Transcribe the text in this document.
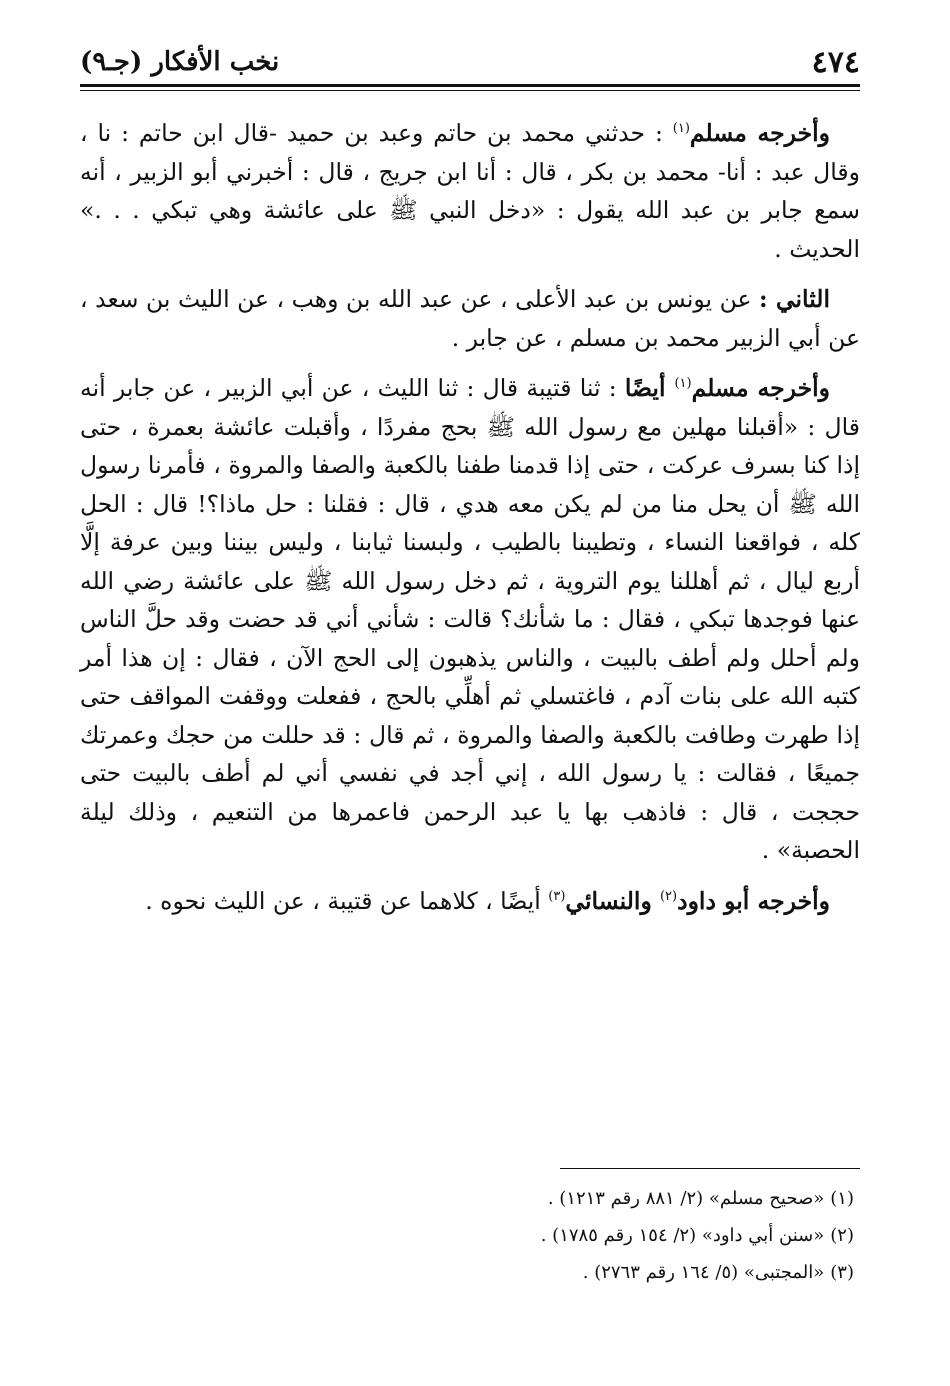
٤٧٤
نخب الأفكار (جـ٩)

وأخرجه مسلم$^{(١)}$ : حدثني محمد بن حاتم وعبد بن حميد -قال ابن حاتم : نا ، وقال عبد : أنا- محمد بن بكر ، قال : أنا ابن جريج ، قال : أخبرني أبو الزبير ، أنه سمع جابر بن عبد الله يقول : «دخل النبي ﷺ على عائشة وهي تبكي . . .» الحديث .

الثاني : عن يونس بن عبد الأعلى ، عن عبد الله بن وهب ، عن الليث بن سعد ، عن أبي الزبير محمد بن مسلم ، عن جابر .

وأخرجه مسلم$^{(١)}$ أيضًا : ثنا قتيبة قال : ثنا الليث ، عن أبي الزبير ، عن جابر أنه قال : «أقبلنا مهلين مع رسول الله ﷺ بحج مفردًا ، وأقبلت عائشة بعمرة ، حتى إذا كنا بسرف عركت ، حتى إذا قدمنا طفنا بالكعبة والصفا والمروة ، فأمرنا رسول الله ﷺ أن يحل منا من لم يكن معه هدي ، قال : فقلنا : حل ماذا؟! قال : الحل كله ، فواقعنا النساء ، وتطيبنا بالطيب ، ولبسنا ثيابنا ، وليس بيننا وبين عرفة إلَّا أربع ليال ، ثم أهللنا يوم التروية ، ثم دخل رسول الله ﷺ على عائشة رضي الله عنها فوجدها تبكي ، فقال : ما شأنك؟ قالت : شأني أني قد حضت وقد حلَّ الناس ولم أحلل ولم أطف بالبيت ، والناس يذهبون إلى الحج الآن ، فقال : إن هذا أمر كتبه الله على بنات آدم ، فاغتسلي ثم أهلِّي بالحج ، ففعلت ووقفت المواقف حتى إذا طهرت وطافت بالكعبة والصفا والمروة ، ثم قال : قد حللت من حجك وعمرتك جميعًا ، فقالت : يا رسول الله ، إني أجد في نفسي أني لم أطف بالبيت حتى حججت ، قال : فاذهب بها يا عبد الرحمن فاعمرها من التنعيم ، وذلك ليلة الحصبة» .

وأخرجه أبو داود$^{(٢)}$ والنسائي$^{(٣)}$ أيضًا ، كلاهما عن قتيبة ، عن الليث نحوه .

(١)
«صحيح مسلم» (٢/ ٨٨١ رقم ١٢١٣) .
(٢)
«سنن أبي داود» (٢/ ١٥٤ رقم ١٧٨٥) .
(٣)
«المجتبى» (٥/ ١٦٤ رقم ٢٧٦٣) .
